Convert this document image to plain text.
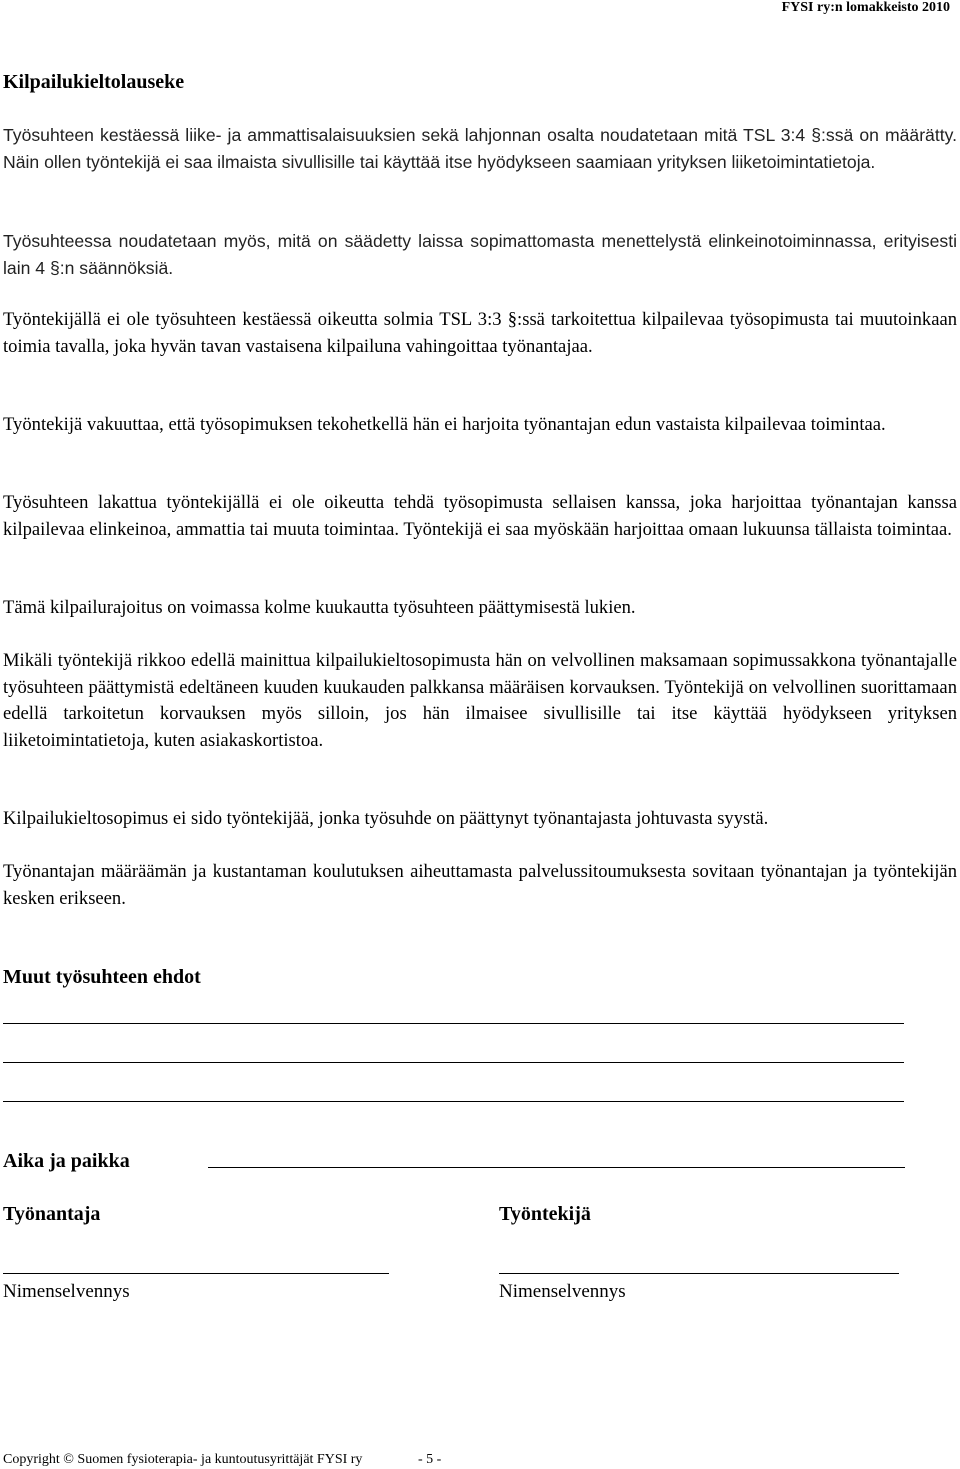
FYSI ry:n lomakkeisto 2010
Kilpailukieltolauseke

Työsuhteen kestäessä liike- ja ammattisalaisuuksien sekä lahjonnan osalta noudatetaan mitä TSL 3:4 §:ssä on määrätty. Näin ollen työntekijä ei saa ilmaista sivullisille tai käyttää itse hyödykseen saamiaan yrityksen liiketoimintatietoja.

Työsuhteessa noudatetaan myös, mitä on säädetty laissa sopimattomasta menettelystä elinkeinotoiminnassa, erityisesti lain 4 §:n säännöksiä.

Työntekijällä ei ole työsuhteen kestäessä oikeutta solmia TSL 3:3 §:ssä tarkoitettua kilpailevaa työsopimusta tai muutoinkaan toimia tavalla, joka hyvän tavan vastaisena kilpailuna vahingoittaa työnantajaa.

Työntekijä vakuuttaa, että työsopimuksen tekohetkellä hän ei harjoita työnantajan edun vastaista kilpailevaa toimintaa.

Työsuhteen lakattua työntekijällä ei ole oikeutta tehdä työsopimusta sellaisen kanssa, joka harjoittaa työnantajan kanssa kilpailevaa elinkeinoa, ammattia tai muuta toimintaa. Työntekijä ei saa myöskään harjoittaa omaan lukuunsa tällaista toimintaa.

Tämä kilpailurajoitus on voimassa kolme kuukautta työsuhteen päättymisestä lukien.

Mikäli työntekijä rikkoo edellä mainittua kilpailukieltosopimusta hän on velvollinen maksamaan sopimussakkona työnantajalle työsuhteen päättymistä edeltäneen kuuden kuukauden palkkansa määräisen korvauksen. Työntekijä on velvollinen suorittamaan edellä tarkoitetun korvauksen myös silloin, jos hän ilmaisee sivullisille tai itse käyttää hyödykseen yrityksen liiketoimintatietoja, kuten asiakaskortistoa.

Kilpailukieltosopimus ei sido työntekijää, jonka työsuhde on päättynyt työnantajasta johtuvasta syystä.

Työnantajan määräämän ja kustantaman koulutuksen aiheuttamasta palvelussitoumuksesta sovitaan työnantajan ja työntekijän kesken erikseen.

Muut työsuhteen ehdot
Aika ja paikka
Työnantaja	Työntekijä
Nimenselvennys	Nimenselvennys
Copyright © Suomen fysioterapia- ja kuntoutusyrittäjät FYSI ry	- 5 -
